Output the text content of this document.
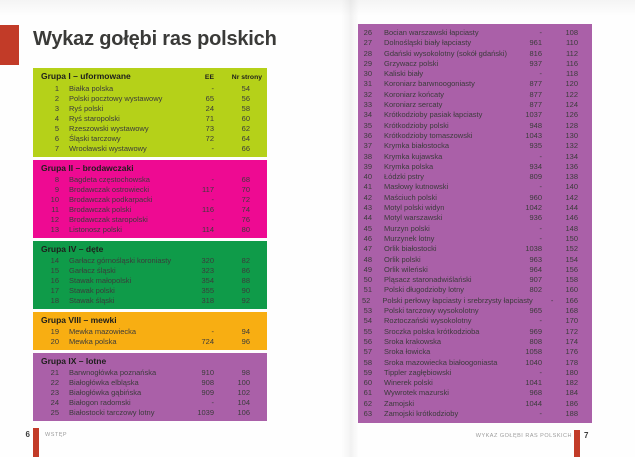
Wykaz gołębi ras polskich
Grupa I – uformowane	EE	Nr strony
1 Białka polska	-	54
2 Polski pocztowy wystawowy	65	56
3 Ryś polski	24	58
4 Ryś staropolski	71	60
5 Rzeszowski wystawowy	73	62
6 Śląski tarczowy	72	64
7 Wrocławski wystawowy	-	66
Grupa II – brodawczaki
8 Bagdeta częstochowska	-	68
9 Brodawczak ostrowiecki	117	70
10 Brodawczak podkarpacki	-	72
11 Brodawczak polski	116	74
12 Brodawczak staropolski	-	76
13 Listonosz polski	114	80
Grupa IV – dęte
14 Garłacz górnośląski koroniasty	320	82
15 Garłacz śląski	323	86
16 Stawak małopolski	354	88
17 Stawak polski	355	90
18 Stawak śląski	318	92
Grupa VIII – mewki
19 Mewka mazowiecka	-	94
20 Mewka polska	724	96
Grupa IX – lotne
21 Barwnogłówka poznańska	910	98
22 Białogłówka elbląska	908	100
23 Białogłówka gąbińska	909	102
24 Białogon radomski	-	104
25 Białostocki tarczowy lotny	1039	106
6	WSTĘP
26 Bocian warszawski łapciasty	-	108
27 Dolnośląski biały łapciasty	961	110
28 Gdański wysokolotny (sokół gdański)	816	112
29 Grzywacz polski	937	116
30 Kaliski biały	-	118
31 Koroniarz barwnoogoniasty	877	120
32 Koroniarz końcaty	877	122
33 Koroniarz sercaty	877	124
34 Krótkodzioby pasiak łapciasty	1037	126
35 Krótkodzioby polski	948	128
36 Krótkodzioby tomaszowski	1043	130
37 Krymka białostocka	935	132
38 Krymka kujawska	-	134
39 Krymka polska	934	136
40 Łódzki pstry	809	138
41 Masłowy kutnowski	-	140
42 Maściuch polski	960	142
43 Motyl polski widyn	1042	144
44 Motyl warszawski	936	146
45 Murzyn polski	-	148
46 Murzynek lotny	-	150
47 Orlik białostocki	1038	152
48 Orlik polski	963	154
49 Orlik wileński	964	156
50 Pląsacz staronadwiślański	907	158
51 Polski długodzioby lotny	802	160
52 Polski perłowy łapciasty i srebrzysty łapciasty	-	166
53 Polski tarczowy wysokolotny	965	168
54 Roztoczański wysokolotny	-	170
55 Sroczka polska krótkodzioba	969	172
56 Sroka krakowska	808	174
57 Sroka łowicka	1058	176
58 Sroka mazowiecka białoogoniasta	1040	178
59 Tippler zagłębiowski	-	180
60 Winerek polski	1041	182
61 Wywrotek mazurski	968	184
62 Zamojski	1044	186
63 Zamojski krótkodzioby	-	188
WYKAZ GOŁĘBI RAS POLSKICH 7
